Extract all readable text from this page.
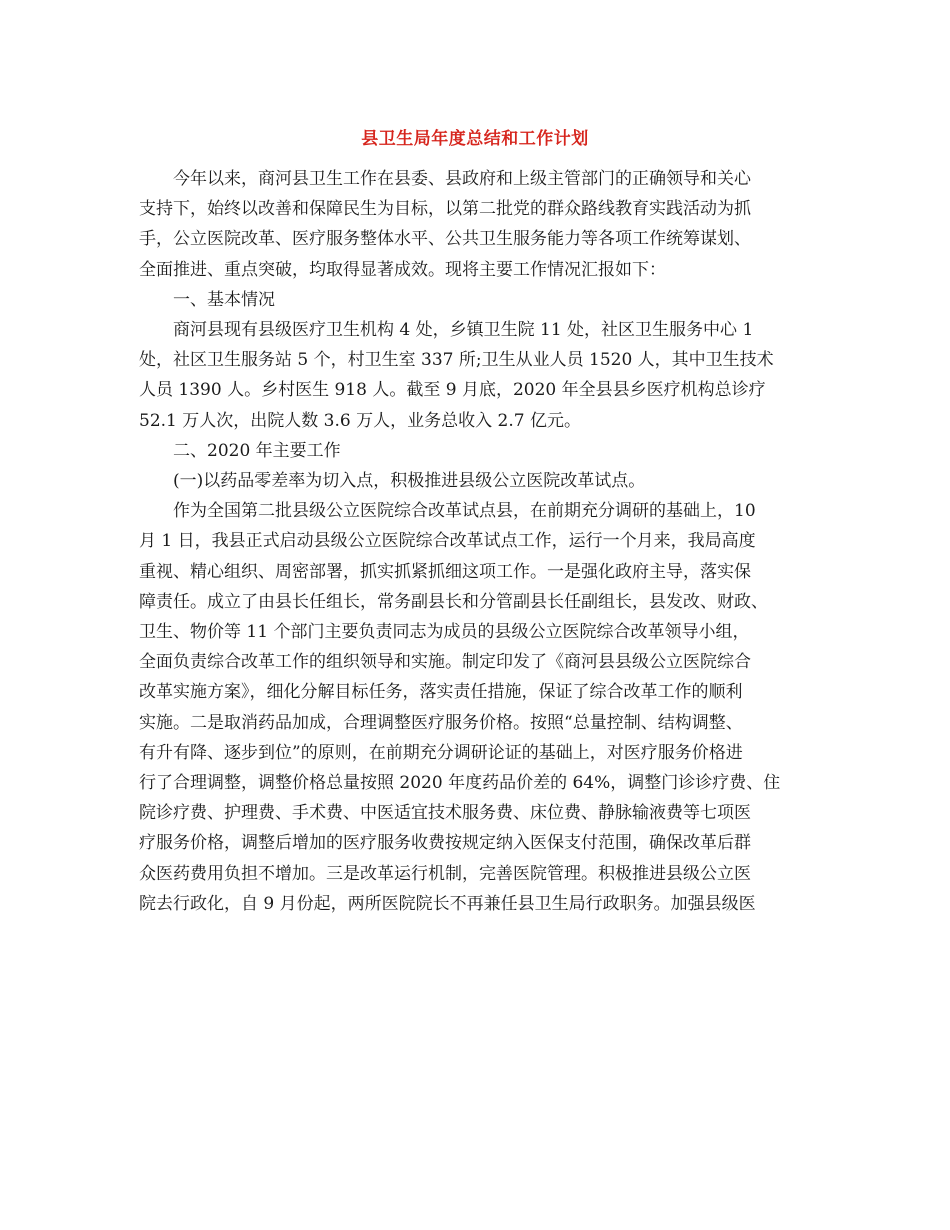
县卫生局年度总结和工作计划
今年以来，商河县卫生工作在县委、县政府和上级主管部门的正确领导和关心
支持下，始终以改善和保障民生为目标，以第二批党的群众路线教育实践活动为抓
手，公立医院改革、医疗服务整体水平、公共卫生服务能力等各项工作统筹谋划、
全面推进、重点突破，均取得显著成效。现将主要工作情况汇报如下：
一、基本情况
商河县现有县级医疗卫生机构 4 处，乡镇卫生院 11 处，社区卫生服务中心 1
处，社区卫生服务站 5 个，村卫生室 337 所;卫生从业人员 1520 人，其中卫生技术
人员 1390 人。乡村医生 918 人。截至 9 月底，2020 年全县县乡医疗机构总诊疗
52.1 万人次，出院人数 3.6 万人，业务总收入 2.7 亿元。
二、2020 年主要工作
(一)以药品零差率为切入点，积极推进县级公立医院改革试点。
作为全国第二批县级公立医院综合改革试点县，在前期充分调研的基础上，10
月 1 日，我县正式启动县级公立医院综合改革试点工作，运行一个月来，我局高度
重视、精心组织、周密部署，抓实抓紧抓细这项工作。一是强化政府主导，落实保
障责任。成立了由县长任组长，常务副县长和分管副县长任副组长，县发改、财政、
卫生、物价等 11 个部门主要负责同志为成员的县级公立医院综合改革领导小组，
全面负责综合改革工作的组织领导和实施。制定印发了《商河县县级公立医院综合
改革实施方案》，细化分解目标任务，落实责任措施，保证了综合改革工作的顺利
实施。二是取消药品加成，合理调整医疗服务价格。按照“总量控制、结构调整、
有升有降、逐步到位”的原则，在前期充分调研论证的基础上，对医疗服务价格进
行了合理调整，调整价格总量按照 2020 年度药品价差的 64%，调整门诊诊疗费、住
院诊疗费、护理费、手术费、中医适宜技术服务费、床位费、静脉输液费等七项医
疗服务价格，调整后增加的医疗服务收费按规定纳入医保支付范围，确保改革后群
众医药费用负担不增加。三是改革运行机制，完善医院管理。积极推进县级公立医
院去行政化，自 9 月份起，两所医院院长不再兼任县卫生局行政职务。加强县级医
